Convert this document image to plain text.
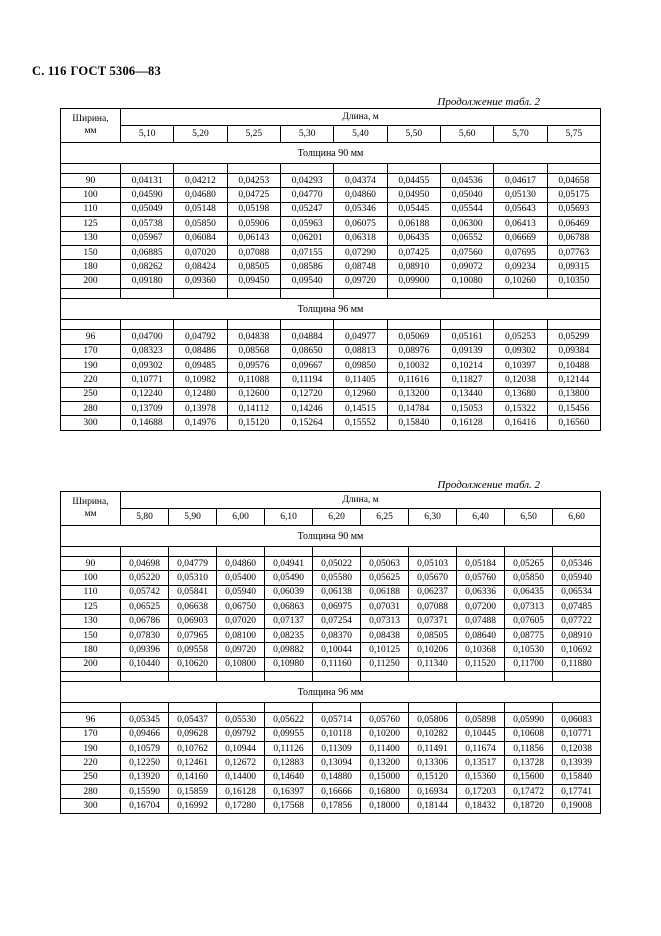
С. 116 ГОСТ 5306—83
Продолжение табл. 2
Ширина,
мм	Длина, м								
	5,10	5,20	5,25	5,30	5,40	5,50	5,60	5,70	5,75
Толщина 90 мм									

90	0,04131	0,04212	0,04253	0,04293	0,04374	0,04455	0,04536	0,04617	0,04658
100	0,04590	0,04680	0,04725	0,04770	0,04860	0,04950	0,05040	0,05130	0,05175
110	0,05049	0,05148	0,05198	0,05247	0,05346	0,05445	0,05544	0,05643	0,05693
125	0,05738	0,05850	0,05906	0,05963	0,06075	0,06188	0,06300	0,06413	0,06469
130	0,05967	0,06084	0,06143	0,06201	0,06318	0,06435	0,06552	0,06669	0,06788
150	0,06885	0,07020	0,07088	0,07155	0,07290	0,07425	0,07560	0,07695	0,07763
180	0,08262	0,08424	0,08505	0,08586	0,08748	0,08910	0,09072	0,09234	0,09315
200	0,09180	0,09360	0,09450	0,09540	0,09720	0,09900	0,10080	0,10260	0,10350

Толщина 96 мм									

96	0,04700	0,04792	0,04838	0,04884	0,04977	0,05069	0,05161	0,05253	0,05299
170	0,08323	0,08486	0,08568	0,08650	0,08813	0,08976	0,09139	0,09302	0,09384
190	0,09302	0,09485	0,09576	0,09667	0,09850	0,10032	0,10214	0,10397	0,10488
220	0,10771	0,10982	0,11088	0,11194	0,11405	0,11616	0,11827	0,12038	0,12144
250	0,12240	0,12480	0,12600	0,12720	0,12960	0,13200	0,13440	0,13680	0,13800
280	0,13709	0,13978	0,14112	0,14246	0,14515	0,14784	0,15053	0,15322	0,15456
300	0,14688	0,14976	0,15120	0,15264	0,15552	0,15840	0,16128	0,16416	0,16560
Продолжение табл. 2
Ширина,
мм	Длина, м									
	5,80	5,90	6,00	6,10	6,20	6,25	6,30	6,40	6,50	6,60
Толщина 90 мм										

90	0,04698	0,04779	0,04860	0,04941	0,05022	0,05063	0,05103	0,05184	0,05265	0,05346
100	0,05220	0,05310	0,05400	0,05490	0,05580	0,05625	0,05670	0,05760	0,05850	0,05940
110	0,05742	0,05841	0,05940	0,06039	0,06138	0,06188	0,06237	0,06336	0,06435	0,06534
125	0,06525	0,06638	0,06750	0,06863	0,06975	0,07031	0,07088	0,07200	0,07313	0,07485
130	0,06786	0,06903	0,07020	0,07137	0,07254	0,07313	0,07371	0,07488	0,07605	0,07722
150	0,07830	0,07965	0,08100	0,08235	0,08370	0,08438	0,08505	0,08640	0,08775	0,08910
180	0,09396	0,09558	0,09720	0,09882	0,10044	0,10125	0,10206	0,10368	0,10530	0,10692
200	0,10440	0,10620	0,10800	0,10980	0,11160	0,11250	0,11340	0,11520	0,11700	0,11880

Толщина 96 мм										

96	0,05345	0,05437	0,05530	0,05622	0,05714	0,05760	0,05806	0,05898	0,05990	0,06083
170	0,09466	0,09628	0,09792	0,09955	0,10118	0,10200	0,10282	0,10445	0,10608	0,10771
190	0,10579	0,10762	0,10944	0,11126	0,11309	0,11400	0,11491	0,11674	0,11856	0,12038
220	0,12250	0,12461	0,12672	0,12883	0,13094	0,13200	0,13306	0,13517	0,13728	0,13939
250	0,13920	0,14160	0,14400	0,14640	0,14880	0,15000	0,15120	0,15360	0,15600	0,15840
280	0,15590	0,15859	0,16128	0,16397	0,16666	0,16800	0,16934	0,17203	0,17472	0,17741
300	0,16704	0,16992	0,17280	0,17568	0,17856	0,18000	0,18144	0,18432	0,18720	0,19008
